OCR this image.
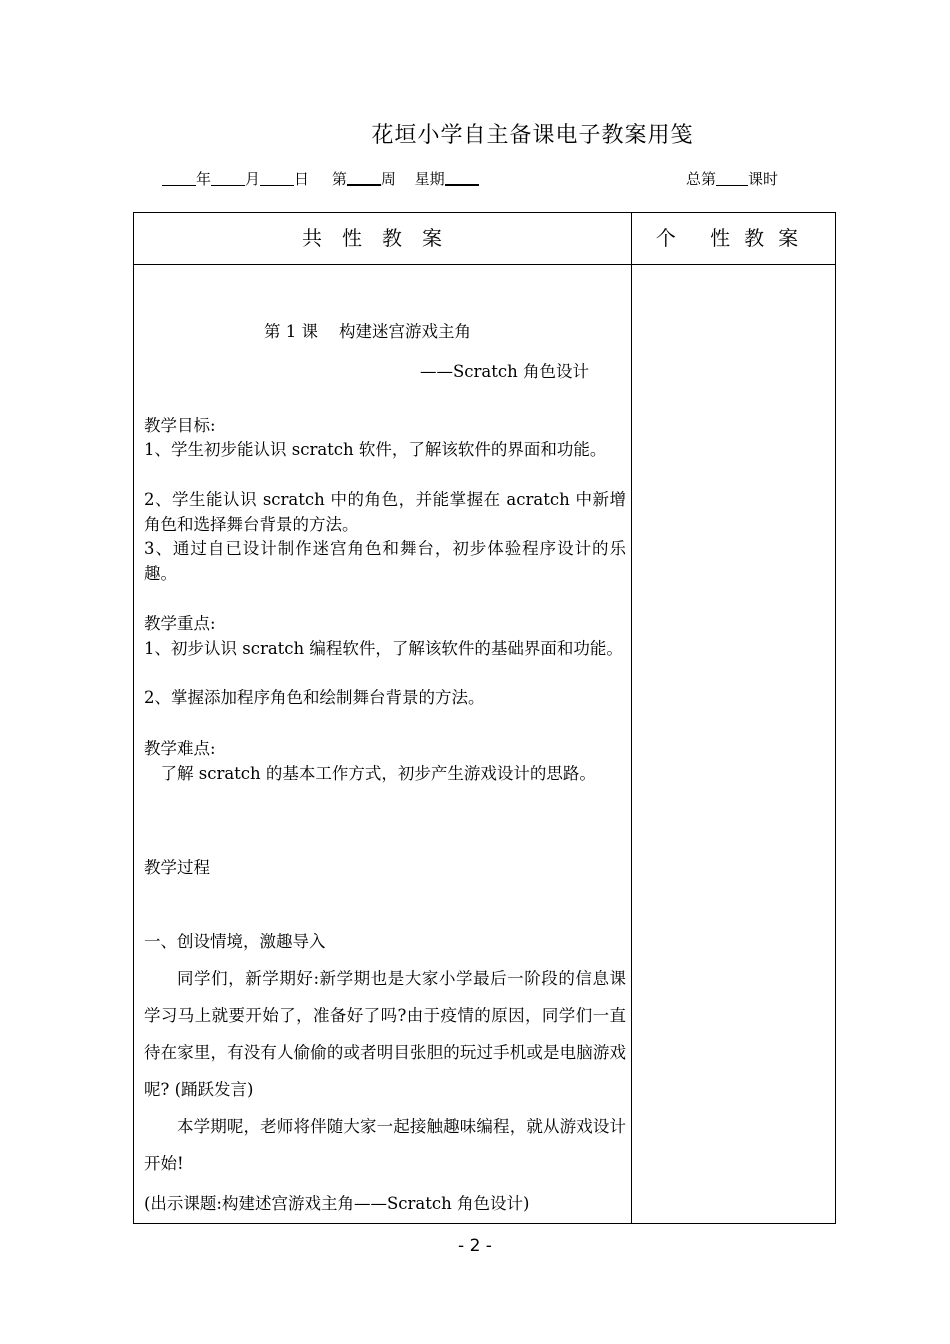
花垣小学自主备课电子教案用笺
年 月 日 第 周 星期	总第 课时
共性教案	个 性教案
第 1 课    构建迷宫游戏主角
——Scratch 角色设计
教学目标:
1、学生初步能认识 scratch 软件，了解该软件的界面和功能。
2、学生能认识 scratch 中的角色，并能掌握在 acratch 中新增角色和选择舞台背景的方法。
3、通过自已设计制作迷宫角色和舞台，初步体验程序设计的乐趣。
教学重点:
1、初步认识 scratch 编程软件，了解该软件的基础界面和功能。
2、掌握添加程序角色和绘制舞台背景的方法。
教学难点:
了解 scratch 的基本工作方式，初步产生游戏设计的思路。
教学过程
一、创设情境，激趣导入
同学们，新学期好:新学期也是大家小学最后一阶段的信息课学习马上就要开始了，准备好了吗?由于疫情的原因，同学们一直待在家里，有没有人偷偷的或者明目张胆的玩过手机或是电脑游戏呢? (踊跃发言)
本学期呢，老师将伴随大家一起接触趣味编程，就从游戏设计开始!
(出示课题:构建述宫游戏主角——Scratch 角色设计)
- 2 -
